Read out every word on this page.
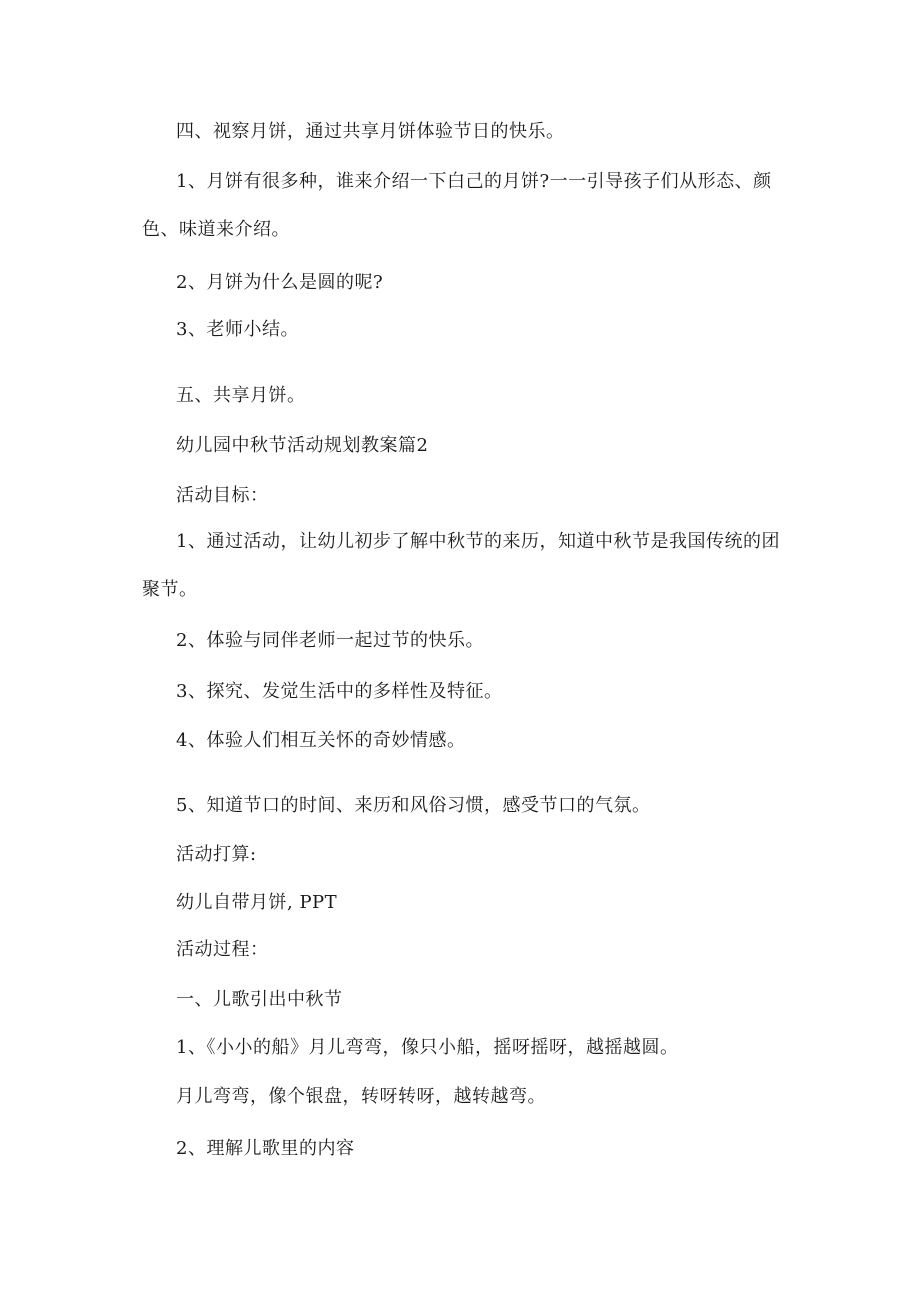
四、视察月饼，通过共享月饼体验节日的快乐。
1、月饼有很多种，谁来介绍一下白己的月饼?一一引导孩子们从形态、颜
色、味道来介绍。
2、月饼为什么是圆的呢?
3、老师小结。
五、共享月饼。
幼儿园中秋节活动规划教案篇2
活动目标：
1、通过活动，让幼儿初步了解中秋节的来历，知道中秋节是我国传统的团
聚节。
2、体验与同伴老师一起过节的快乐。
3、探究、发觉生活中的多样性及特征。
4、体验人们相互关怀的奇妙情感。
5、知道节口的时间、来历和风俗习惯，感受节口的气氛。
活动打算:
幼儿自带月饼, PPT
活动过程：
一、儿歌引出中秋节
1、《小小的船》月儿弯弯，像只小船，摇呀摇呀，越摇越圆。
月儿弯弯，像个银盘，转呀转呀，越转越弯。
2、理解儿歌里的内容
